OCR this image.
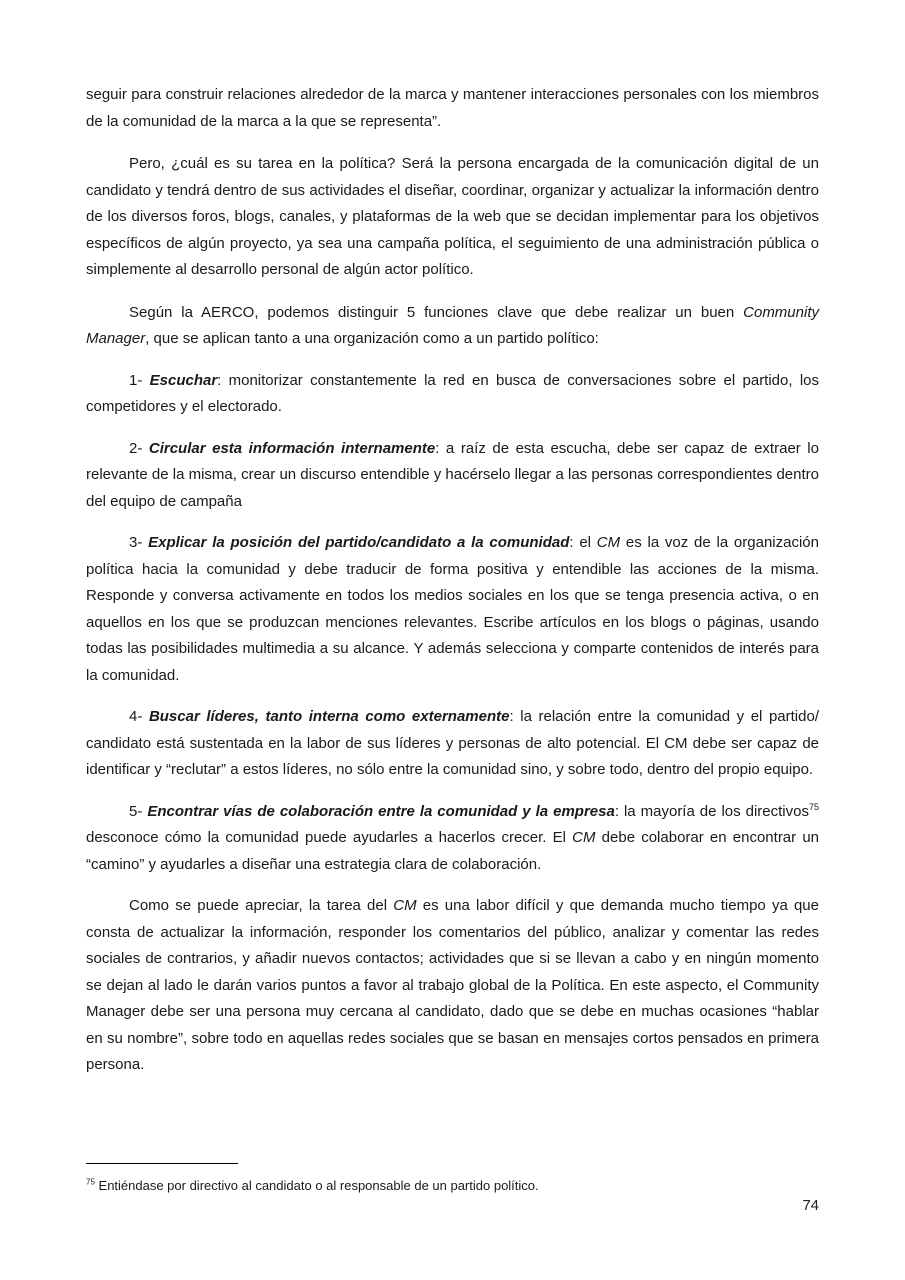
seguir para construir relaciones alrededor de la marca y mantener interacciones personales con los miembros de la comunidad de la marca a la que se representa”.

Pero, ¿cuál es su tarea en la política? Será la persona encargada de la comunicación digital de un candidato y tendrá dentro de sus actividades el diseñar, coordinar, organizar y actualizar la información dentro de los diversos foros, blogs, canales, y plataformas de la web que se decidan implementar para los objetivos específicos de algún proyecto, ya sea una campaña política, el seguimiento de una administración pública o simplemente al desarrollo personal de algún actor político.

Según la AERCO, podemos distinguir 5 funciones clave que debe realizar un buen Community Manager, que se aplican tanto a una organización como a un partido político:

1- Escuchar: monitorizar constantemente la red en busca de conversaciones sobre el partido, los competidores y el electorado.

2- Circular esta información internamente: a raíz de esta escucha, debe ser capaz de extraer lo relevante de la misma, crear un discurso entendible y hacérselo llegar a las personas correspondientes dentro del equipo de campaña

3- Explicar la posición del partido/candidato a la comunidad: el CM es la voz de la organización política hacia la comunidad y debe traducir de forma positiva y entendible las acciones de la misma. Responde y conversa activamente en todos los medios sociales en los que se tenga presencia activa, o en aquellos en los que se produzcan menciones relevantes. Escribe artículos en los blogs o páginas, usando todas las posibilidades multimedia a su alcance. Y además selecciona y comparte contenidos de interés para la comunidad.

4- Buscar líderes, tanto interna como externamente: la relación entre la comunidad y el partido/ candidato está sustentada en la labor de sus líderes y personas de alto potencial. El CM debe ser capaz de identificar y “reclutar” a estos líderes, no sólo entre la comunidad sino, y sobre todo, dentro del propio equipo.

5- Encontrar vías de colaboración entre la comunidad y la empresa: la mayoría de los directivos$^{75}$ desconoce cómo la comunidad puede ayudarles a hacerlos crecer. El CM debe colaborar en encontrar un “camino” y ayudarles a diseñar una estrategia clara de colaboración.

Como se puede apreciar, la tarea del CM es una labor difícil y que demanda mucho tiempo ya que consta de actualizar la información, responder los comentarios del público, analizar y comentar las redes sociales de contrarios, y añadir nuevos contactos; actividades que si se llevan a cabo y en ningún momento se dejan al lado le darán varios puntos a favor al trabajo global de la Política. En este aspecto, el Community Manager debe ser una persona muy cercana al candidato, dado que se debe en muchas ocasiones “hablar en su nombre”, sobre todo en aquellas redes sociales que se basan en mensajes cortos pensados en primera persona.

$^{75}$ Entiéndase por directivo al candidato o al responsable de un partido político.
74
